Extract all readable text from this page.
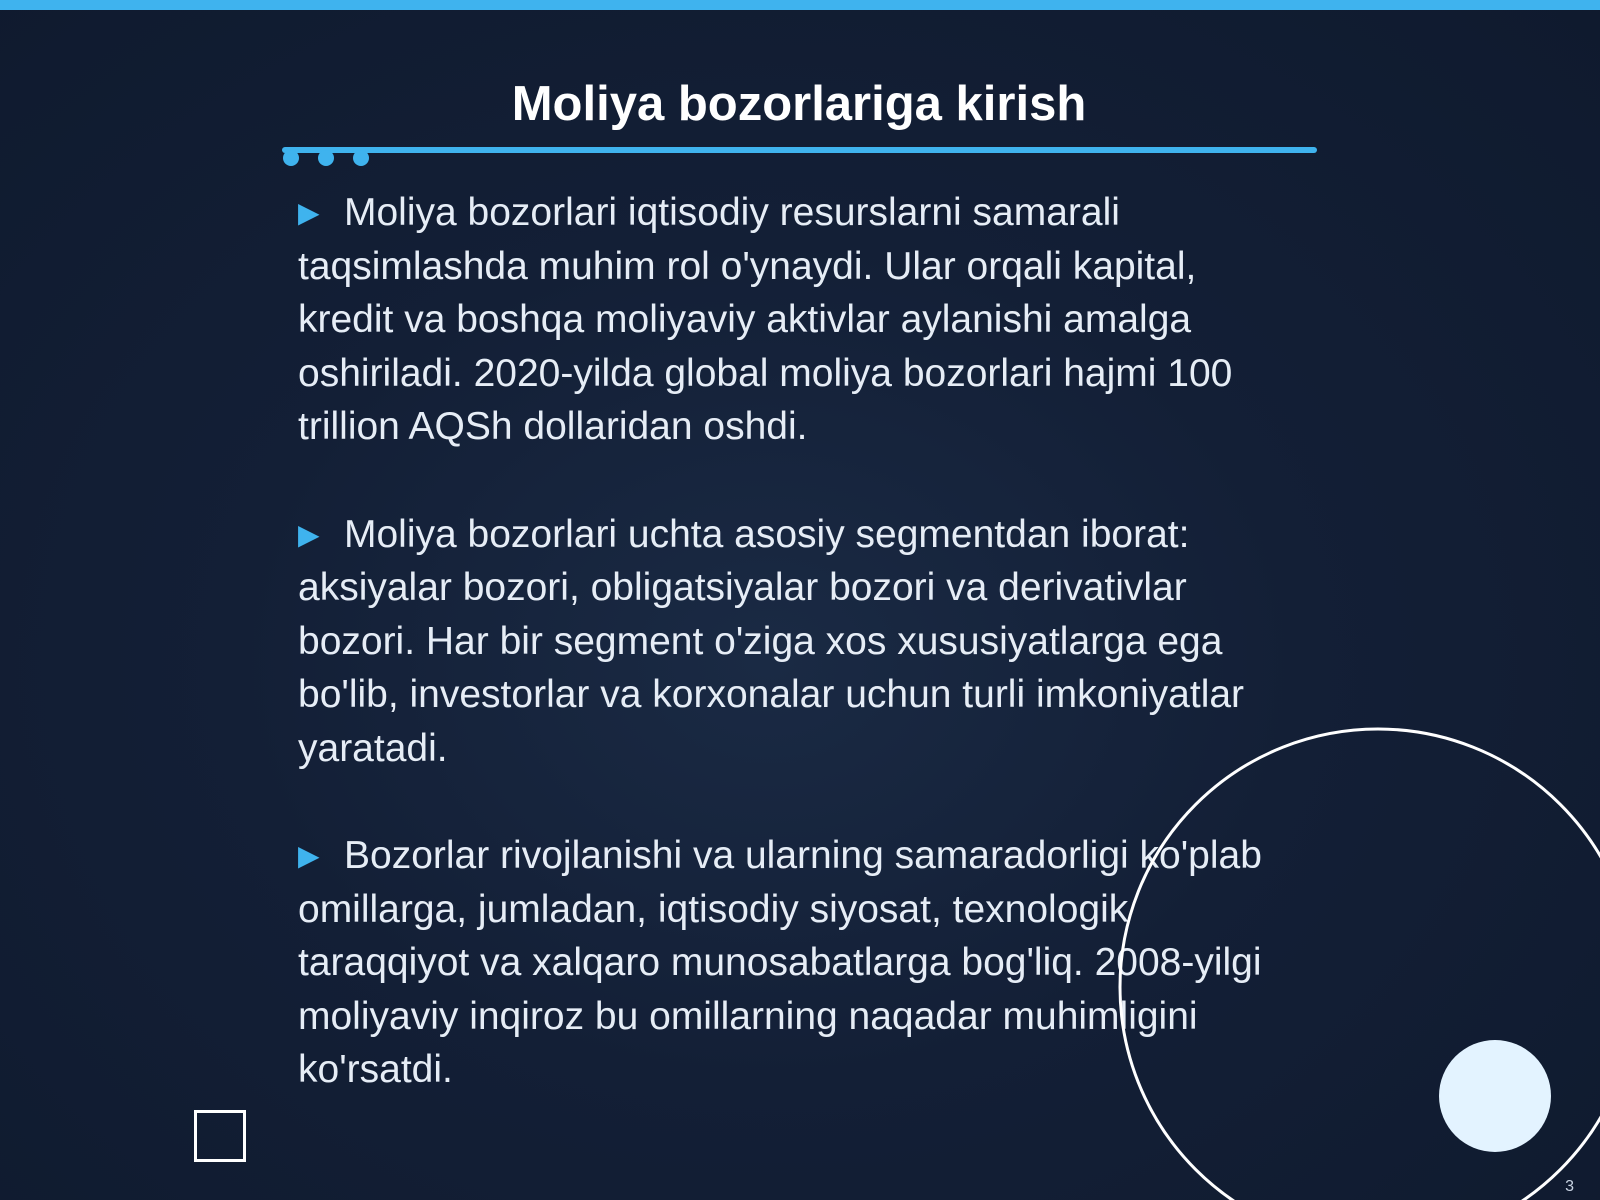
Moliya bozorlariga kirish
▶ Moliya bozorlari iqtisodiy resurslarni samarali taqsimlashda muhim rol o'ynaydi. Ular orqali kapital, kredit va boshqa moliyaviy aktivlar aylanishi amalga oshiriladi. 2020-yilda global moliya bozorlari hajmi 100 trillion AQSh dollaridan oshdi.
▶ Moliya bozorlari uchta asosiy segmentdan iborat: aksiyalar bozori, obligatsiyalar bozori va derivativlar bozori. Har bir segment o'ziga xos xususiyatlarga ega bo'lib, investorlar va korxonalar uchun turli imkoniyatlar yaratadi.
▶ Bozorlar rivojlanishi va ularning samaradorligi ko'plab omillarga, jumladan, iqtisodiy siyosat, texnologik taraqqiyot va xalqaro munosabatlarga bog'liq. 2008-yilgi moliyaviy inqiroz bu omillarning naqadar muhimligini ko'rsatdi.
3
